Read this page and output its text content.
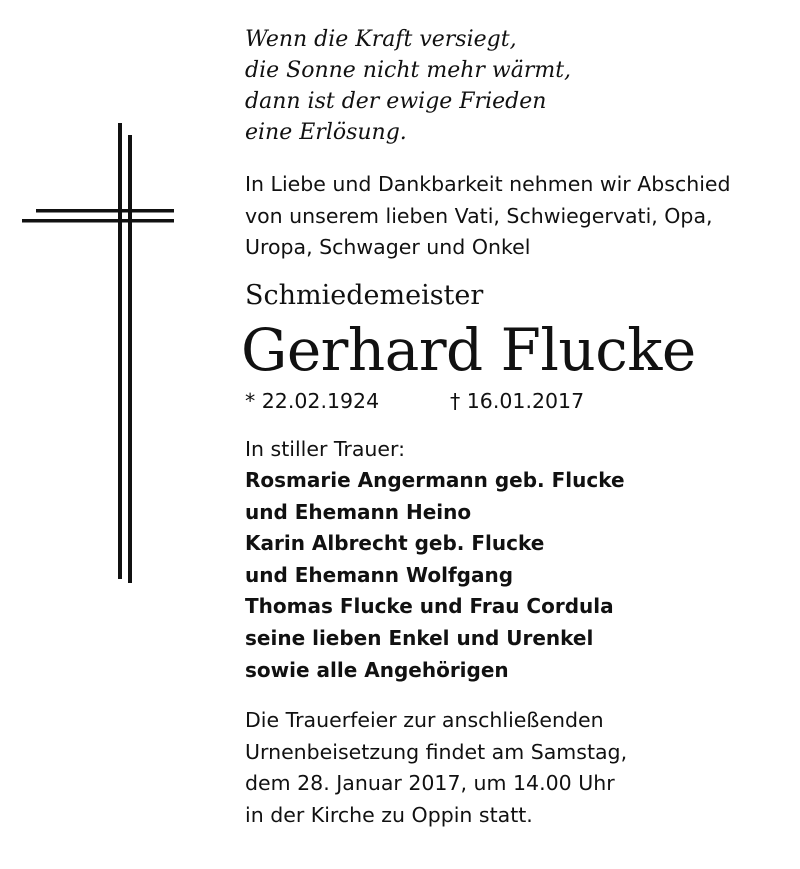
Wenn die Kraft versiegt,
die Sonne nicht mehr wärmt,
dann ist der ewige Frieden
eine Erlösung.
In Liebe und Dankbarkeit nehmen wir Abschied
von unserem lieben Vati, Schwiegervati, Opa,
Uropa, Schwager und Onkel
Schmiedemeister
Gerhard Flucke
* 22.02.1924	† 16.01.2017
In stiller Trauer:
Rosmarie Angermann geb. Flucke
und Ehemann Heino
Karin Albrecht geb. Flucke
und Ehemann Wolfgang
Thomas Flucke und Frau Cordula
seine lieben Enkel und Urenkel
sowie alle Angehörigen
Die Trauerfeier zur anschließenden
Urnenbeisetzung findet am Samstag,
dem 28. Januar 2017, um 14.00 Uhr
in der Kirche zu Oppin statt.
